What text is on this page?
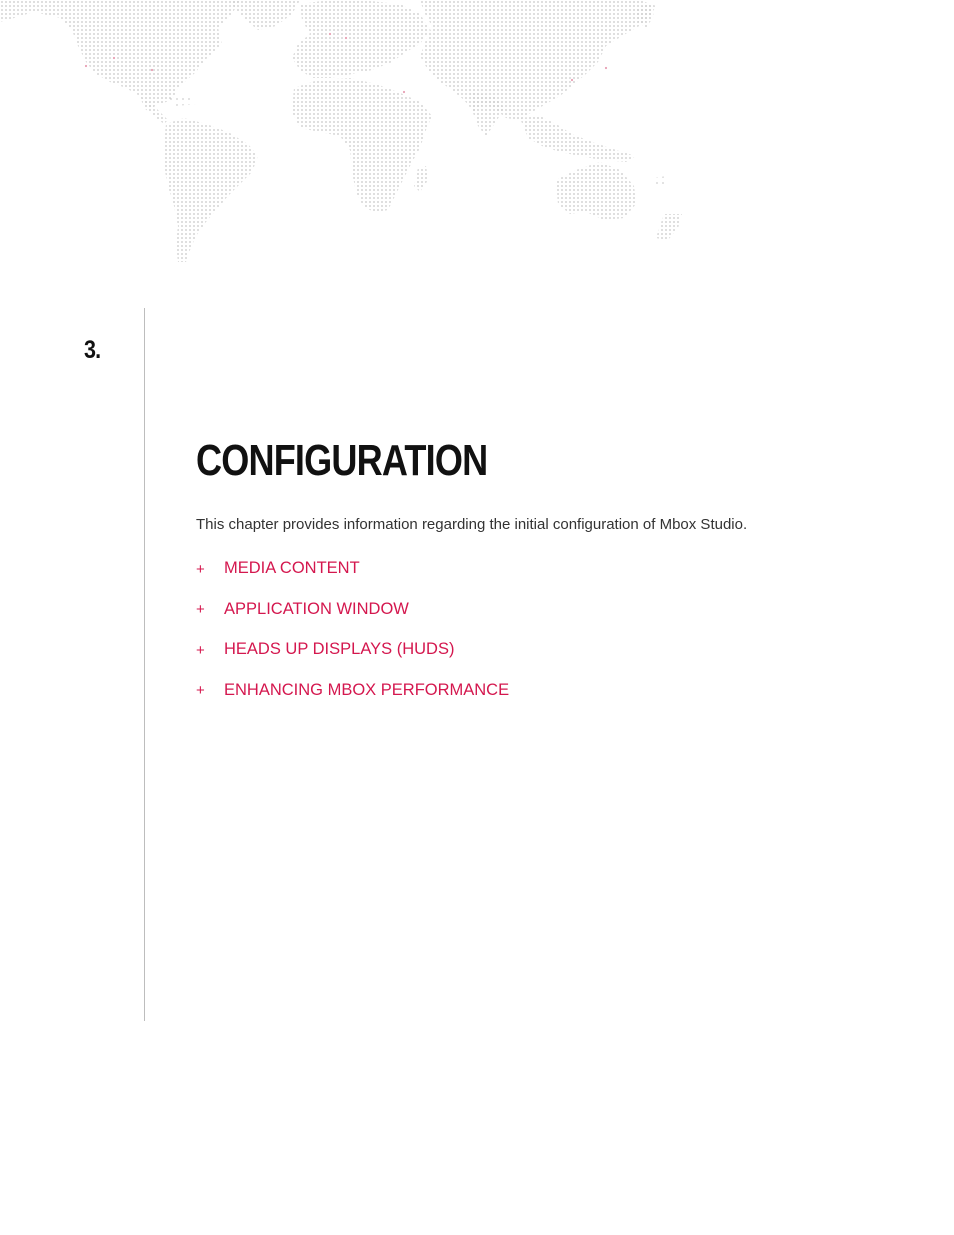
3.
CONFIGURATION

This chapter provides information regarding the initial configuration of Mbox Studio.

+	MEDIA CONTENT
+	APPLICATION WINDOW
+	HEADS UP DISPLAYS (HUDS)
+	ENHANCING MBOX PERFORMANCE
